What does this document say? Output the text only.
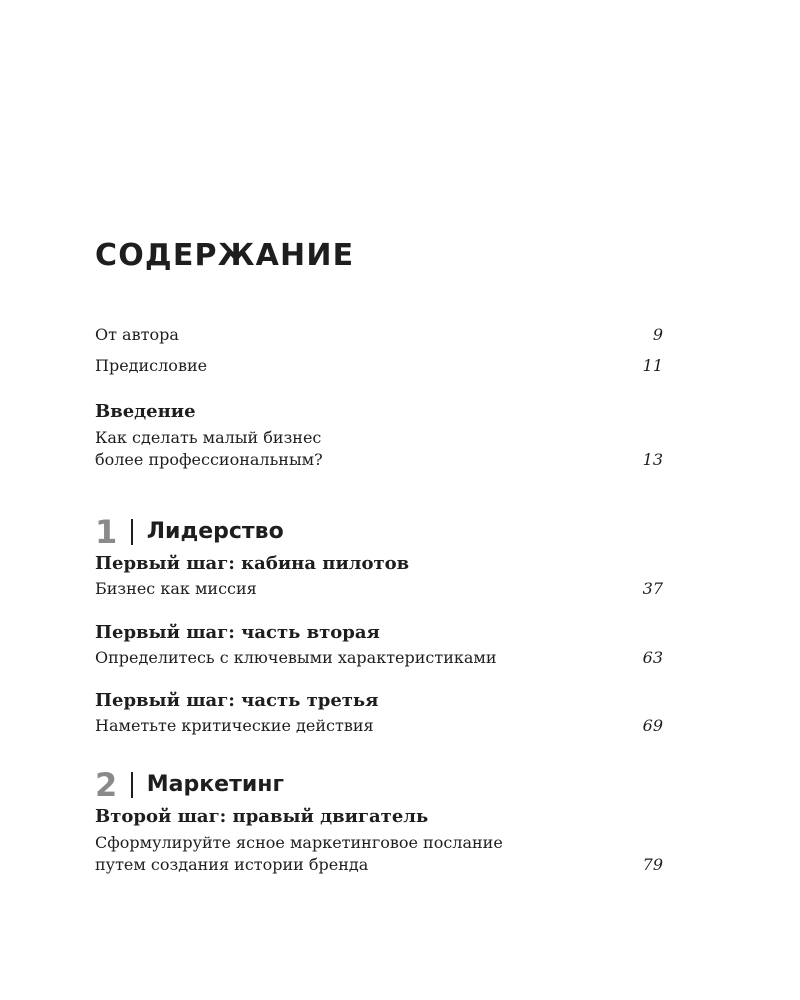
СОДЕРЖАНИЕ
От автора	9
Предисловие	11
Введение
Как сделать малый бизнес
более профессиональным?	13
1 Лидерство
Первый шаг: кабина пилотов
Бизнес как миссия	37
Первый шаг: часть вторая
Определитесь с ключевыми характеристиками	63
Первый шаг: часть третья
Наметьте критические действия	69
2 Маркетинг
Второй шаг: правый двигатель
Сформулируйте ясное маркетинговое послание
путем создания истории бренда	79
